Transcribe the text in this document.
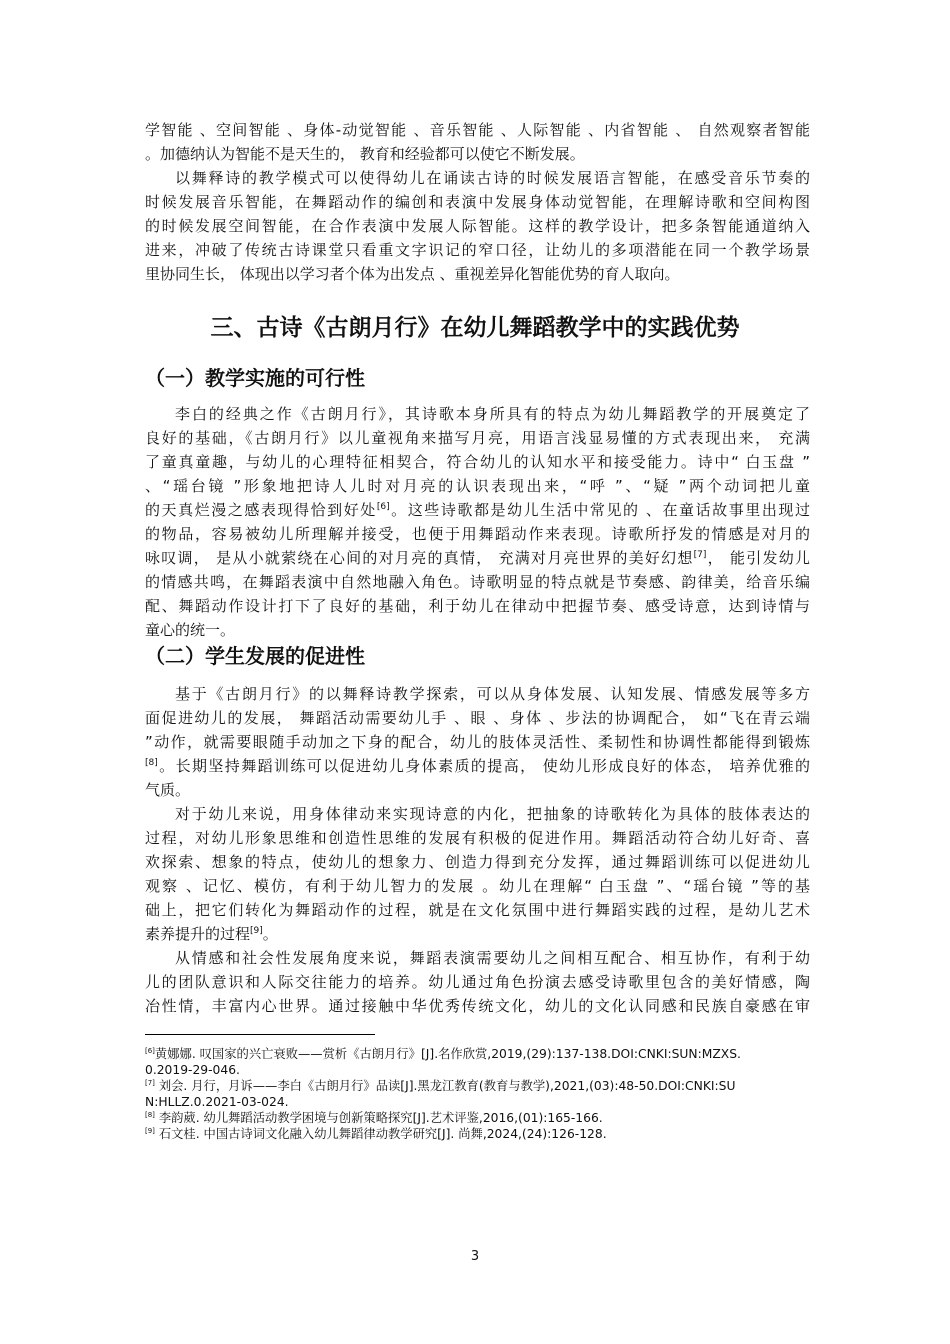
学智能 、空间智能 、身体-动觉智能 、音乐智能 、人际智能 、内省智能 、 自然观察者智能
。加德纳认为智能不是天生的， 教育和经验都可以使它不断发展。
以舞释诗的教学模式可以使得幼儿在诵读古诗的时候发展语言智能，在感受音乐节奏的
时候发展音乐智能，在舞蹈动作的编创和表演中发展身体动觉智能，在理解诗歌和空间构图
的时候发展空间智能，在合作表演中发展人际智能。这样的教学设计，把多条智能通道纳入
进来，冲破了传统古诗课堂只看重文字识记的窄口径，让幼儿的多项潜能在同一个教学场景
里协同生长， 体现出以学习者个体为出发点 、重视差异化智能优势的育人取向。
三、古诗《古朗月行》在幼儿舞蹈教学中的实践优势
（一）教学实施的可行性
李白的经典之作《古朗月行》，其诗歌本身所具有的特点为幼儿舞蹈教学的开展奠定了
良好的基础，《古朗月行》以儿童视角来描写月亮，用语言浅显易懂的方式表现出来， 充满
了童真童趣，与幼儿的心理特征相契合，符合幼儿的认知水平和接受能力。诗中“ 白玉盘 ”
、“瑶台镜 ”形象地把诗人儿时对月亮的认识表现出来，“呼 ”、“疑 ”两个动词把儿童
的天真烂漫之感表现得恰到好处[6]。这些诗歌都是幼儿生活中常见的 、在童话故事里出现过
的物品，容易被幼儿所理解并接受，也便于用舞蹈动作来表现。诗歌所抒发的情感是对月的
咏叹调， 是从小就萦绕在心间的对月亮的真情， 充满对月亮世界的美好幻想[7]， 能引发幼儿
的情感共鸣，在舞蹈表演中自然地融入角色。诗歌明显的特点就是节奏感、韵律美，给音乐编
配、舞蹈动作设计打下了良好的基础，利于幼儿在律动中把握节奏、感受诗意，达到诗情与
童心的统一。
（二）学生发展的促进性
基于《古朗月行》的以舞释诗教学探索，可以从身体发展、认知发展、情感发展等多方
面促进幼儿的发展， 舞蹈活动需要幼儿手 、眼 、身体 、步法的协调配合， 如“飞在青云端
”动作，就需要眼随手动加之下身的配合，幼儿的肢体灵活性、柔韧性和协调性都能得到锻炼
[8]。长期坚持舞蹈训练可以促进幼儿身体素质的提高， 使幼儿形成良好的体态， 培养优雅的
气质。
对于幼儿来说，用身体律动来实现诗意的内化，把抽象的诗歌转化为具体的肢体表达的
过程，对幼儿形象思维和创造性思维的发展有积极的促进作用。舞蹈活动符合幼儿好奇、喜
欢探索、想象的特点，使幼儿的想象力、创造力得到充分发挥，通过舞蹈训练可以促进幼儿
观察 、记忆、模仿，有利于幼儿智力的发展 。幼儿在理解“ 白玉盘 ”、“瑶台镜 ”等的基
础上，把它们转化为舞蹈动作的过程，就是在文化氛围中进行舞蹈实践的过程，是幼儿艺术
素养提升的过程[9]。
从情感和社会性发展角度来说，舞蹈表演需要幼儿之间相互配合、相互协作，有利于幼
儿的团队意识和人际交往能力的培养。幼儿通过角色扮演去感受诗歌里包含的美好情感，陶
冶性情，丰富内心世界。通过接触中华优秀传统文化，幼儿的文化认同感和民族自豪感在审
[6]黄娜娜. 叹国家的兴亡衰败——赏析《古朗月行》[J].名作欣赏,2019,(29):137-138.DOI:CNKI:SUN:MZXS.
0.2019-29-046.
[7] 刘会. 月行，月诉——李白《古朗月行》品读[J].黑龙江教育(教育与教学),2021,(03):48-50.DOI:CNKI:SU
N:HLLZ.0.2021-03-024.
[8] 李韵葳. 幼儿舞蹈活动教学困境与创新策略探究[J].艺术评鉴,2016,(01):165-166.
[9] 石文桂. 中国古诗词文化融入幼儿舞蹈律动教学研究[J]. 尚舞,2024,(24):126-128.
3
